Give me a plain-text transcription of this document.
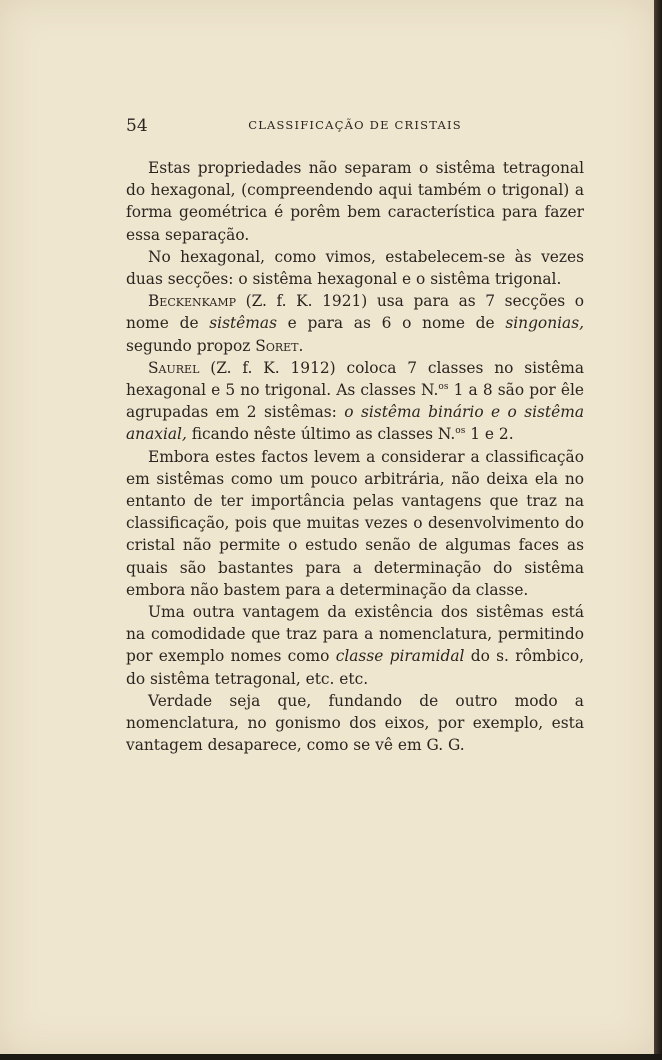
54	CLASSIFICAÇÃO DE CRISTAIS

Estas propriedades não separam o sistêma tetragonal do hexagonal, (compreendendo aqui também o trigonal) a forma geométrica é porêm bem característica para fazer essa separação.

No hexagonal, como vimos, estabelecem-se às vezes duas secções: o sistêma hexagonal e o sistêma trigonal.

Beckenkamp (Z. f. K. 1921) usa para as 7 secções o nome de sistêmas e para as 6 o nome de singonias, segundo propoz Soret.

Saurel (Z. f. K. 1912) coloca 7 classes no sistêma hexagonal e 5 no trigonal. As classes N.$^{os}$ 1 a 8 são por êle agrupadas em 2 sistêmas: o sistêma binário e o sistêma anaxial, ficando nêste último as classes N.$^{os}$ 1 e 2.

Embora estes factos levem a considerar a classificação em sistêmas como um pouco arbitrária, não deixa ela no entanto de ter importância pelas vantagens que traz na classificação, pois que muitas vezes o desenvolvimento do cristal não permite o estudo senão de algumas faces as quais são bastantes para a determinação do sistêma embora não bastem para a determinação da classe.

Uma outra vantagem da existência dos sistêmas está na comodidade que traz para a nomenclatura, permitindo por exemplo nomes como classe piramidal do s. rômbico, do sistêma tetragonal, etc. etc.

Verdade seja que, fundando de outro modo a nomenclatura, no gonismo dos eixos, por exemplo, esta vantagem desaparece, como se vê em G. G.
